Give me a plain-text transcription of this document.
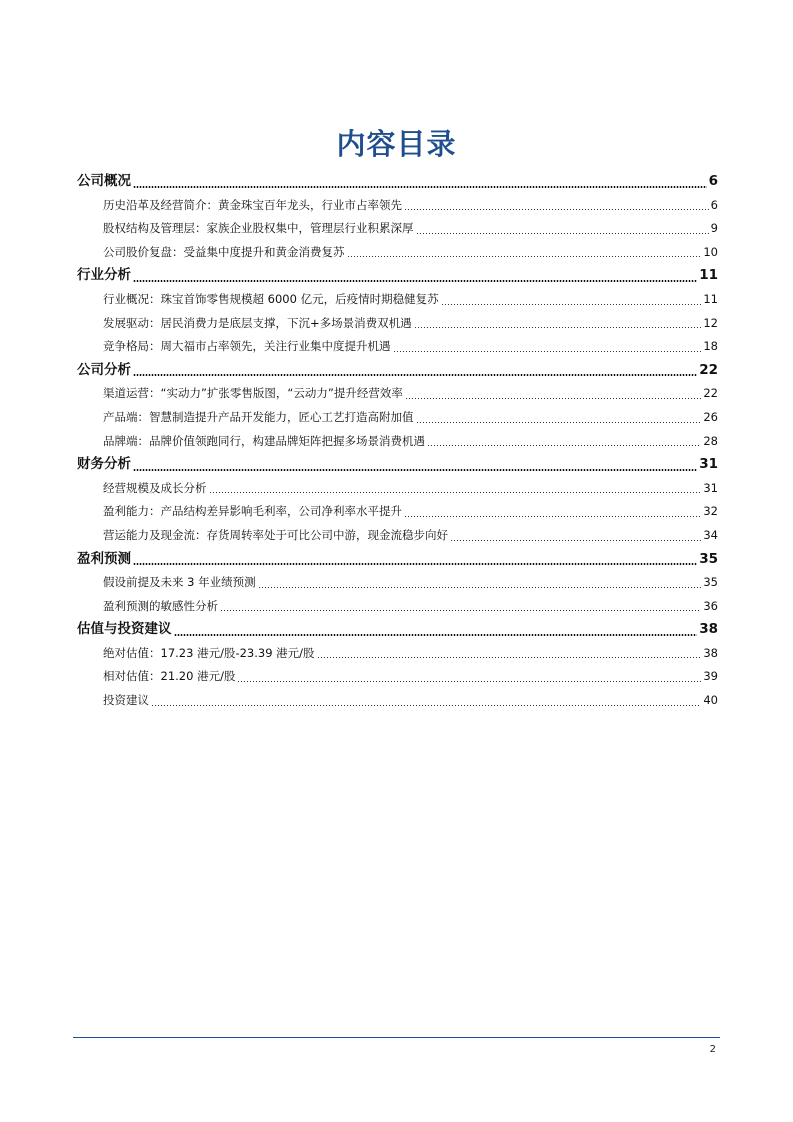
内容目录
公司概况	6
历史沿革及经营简介：黄金珠宝百年龙头，行业市占率领先	6
股权结构及管理层：家族企业股权集中，管理层行业积累深厚	9
公司股价复盘：受益集中度提升和黄金消费复苏	10
行业分析	11
行业概况：珠宝首饰零售规模超 6000 亿元，后疫情时期稳健复苏	11
发展驱动：居民消费力是底层支撑，下沉+多场景消费双机遇	12
竞争格局：周大福市占率领先，关注行业集中度提升机遇	18
公司分析	22
渠道运营：“实动力”扩张零售版图，“云动力”提升经营效率	22
产品端：智慧制造提升产品开发能力，匠心工艺打造高附加值	26
品牌端：品牌价值领跑同行，构建品牌矩阵把握多场景消费机遇	28
财务分析	31
经营规模及成长分析	31
盈利能力：产品结构差异影响毛利率，公司净利率水平提升	32
营运能力及现金流：存货周转率处于可比公司中游，现金流稳步向好	34
盈利预测	35
假设前提及未来 3 年业绩预测	35
盈利预测的敏感性分析	36
估值与投资建议	38
绝对估值：17.23 港元/股-23.39 港元/股	38
相对估值：21.20 港元/股	39
投资建议	40
2
